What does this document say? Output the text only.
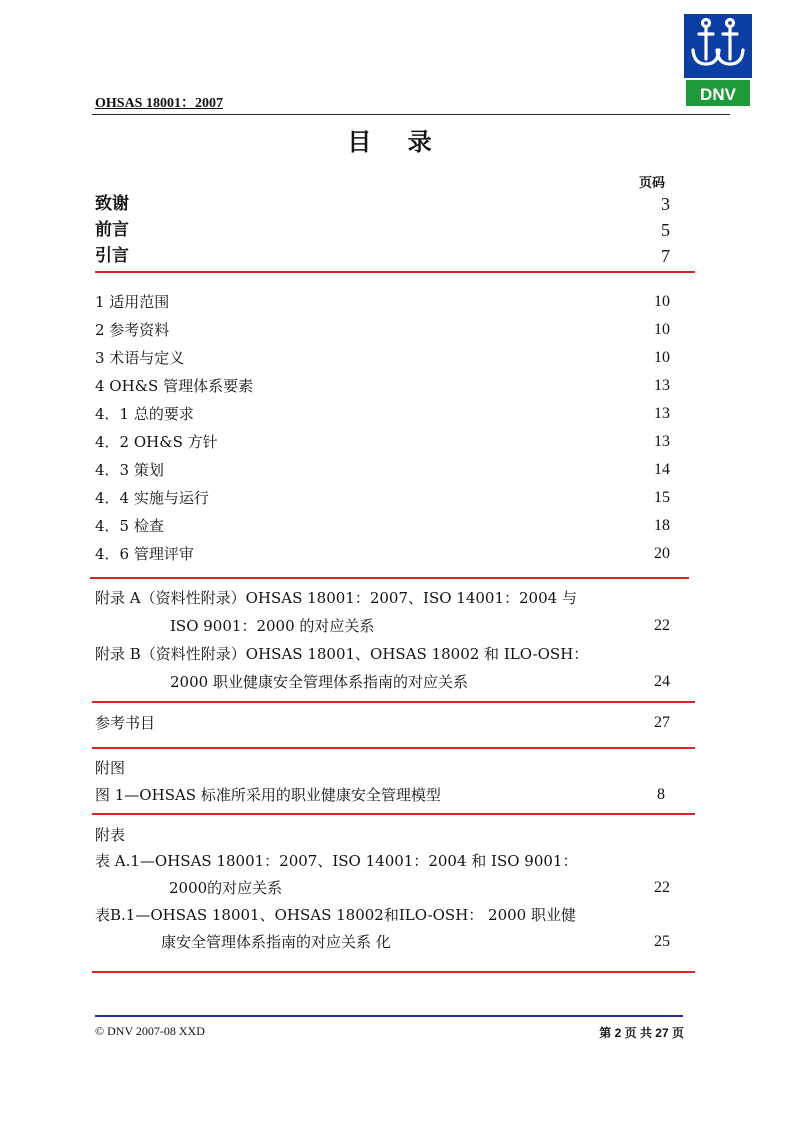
OHSAS 18001：2007	DNV
目 录
页码
致谢	3
前言	5
引言	7
1 适用范围	10
2 参考资料	10
3 术语与定义	10
4 OH&S 管理体系要素	13
4．1 总的要求	13
4．2 OH&S 方针	13
4．3 策划	14
4．4 实施与运行	15
4．5 检查	18
4．6 管理评审	20
附录 A（资料性附录）OHSAS 18001：2007、ISO 14001：2004 与
ISO 9001：2000 的对应关系	22
附录 B（资料性附录）OHSAS 18001、OHSAS 18002 和 ILO-OSH：
2000 职业健康安全管理体系指南的对应关系	24
参考书目	27
附图
图 1—OHSAS 标准所采用的职业健康安全管理模型	8
附表
表 A.1—OHSAS 18001：2007、ISO 14001：2004 和 ISO 9001：
2000的对应关系	22
表B.1—OHSAS 18001、OHSAS 18002和ILO-OSH： 2000 职业健
康安全管理体系指南的对应关系 化	25
© DNV 2007-08 XXD	第 2 页 共 27 页
